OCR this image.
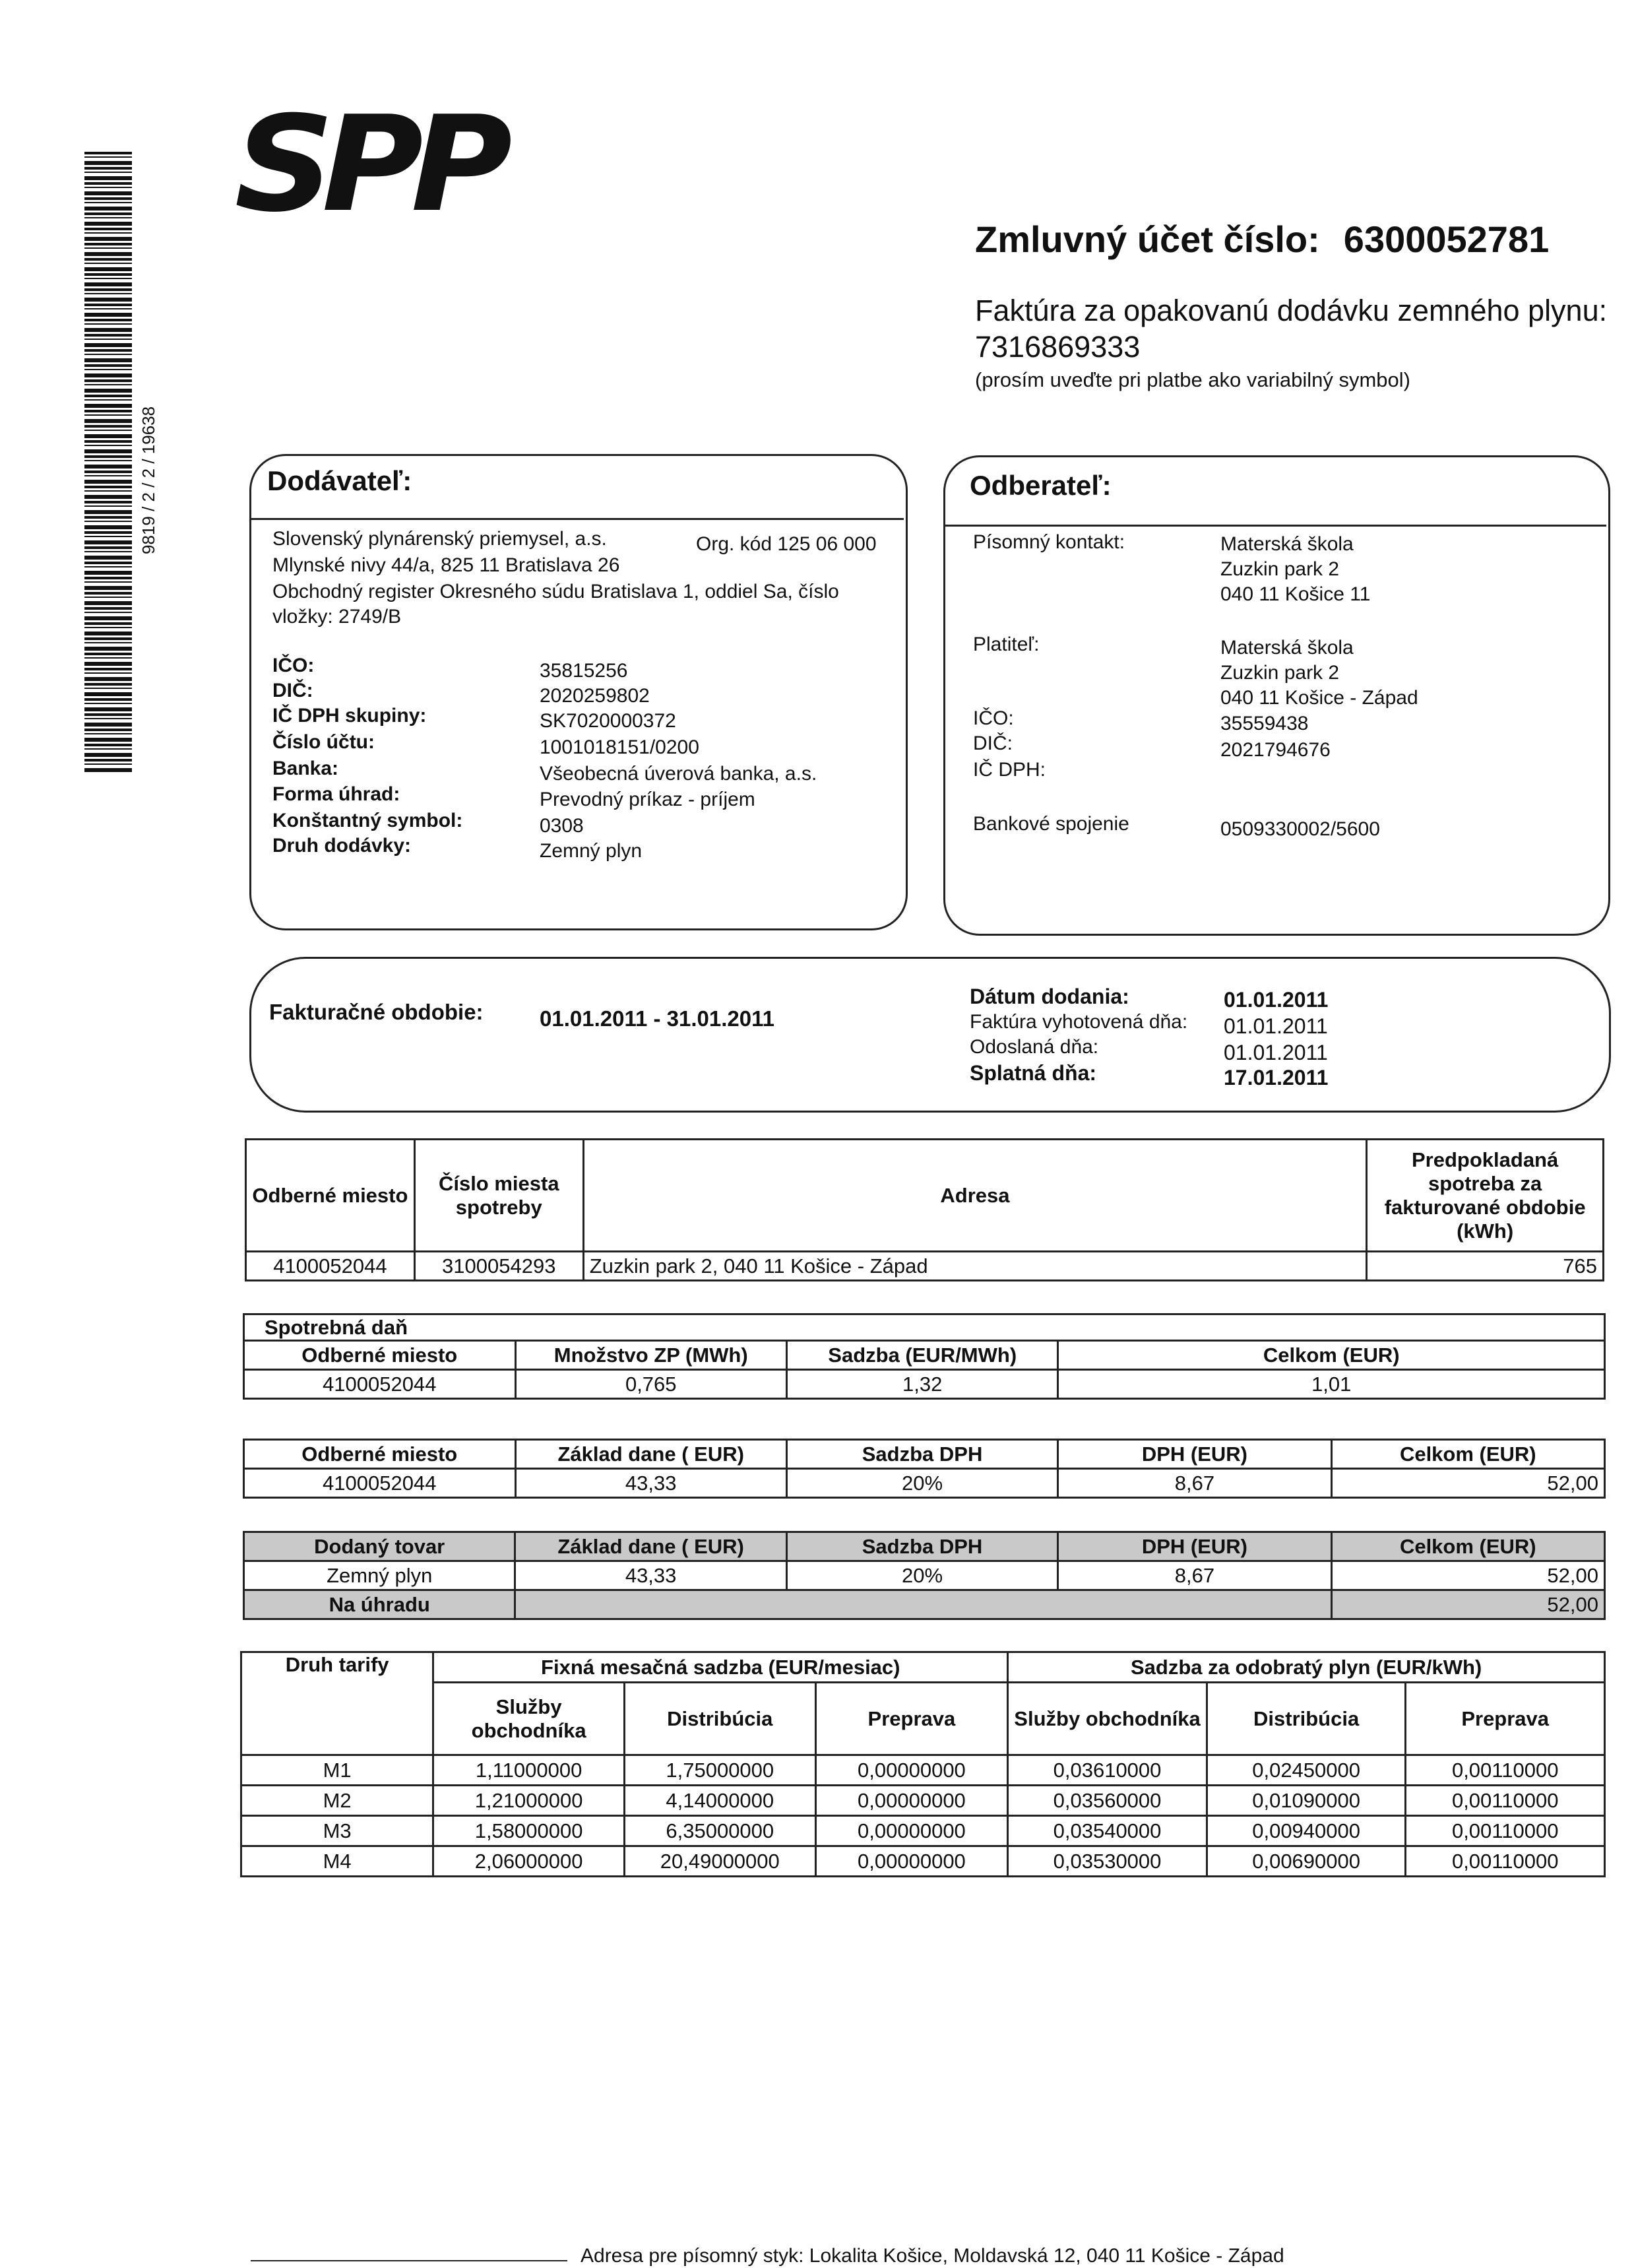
SPP
9819 / 2 / 2 / 19638
Zmluvný účet číslo: 6300052781
Faktúra za opakovanú dodávku zemného plynu:
7316869333
(prosím uveďte pri platbe ako variabilný symbol)
Dodávateľ:
Slovenský plynárenský priemysel, a.s.	Org. kód 125 06 000
Mlynské nivy 44/a, 825 11 Bratislava 26
Obchodný register Okresného súdu Bratislava 1, oddiel Sa, číslo
vložky: 2749/B
IČO:	35815256
DIČ:	2020259802
IČ DPH skupiny:	SK7020000372
Číslo účtu:	1001018151/0200
Banka:	Všeobecná úverová banka, a.s.
Forma úhrad:	Prevodný príkaz - príjem
Konštantný symbol:	0308
Druh dodávky:	Zemný plyn
Odberateľ:
Písomný kontakt:	Materská škola
Zuzkin park 2
040 11 Košice 11
Platiteľ:	Materská škola
Zuzkin park 2
040 11 Košice - Západ
IČO:	35559438
DIČ:	2021794676
IČ DPH:
Bankové spojenie	0509330002/5600
Fakturačné obdobie:	01.01.2011 - 31.01.2011
Dátum dodania:	01.01.2011
Faktúra vyhotovená dňa: 01.01.2011
Odoslaná dňa:	01.01.2011
Splatná dňa:	17.01.2011
Odberné miesto	Číslo miesta spotreby	Adresa	Predpokladaná spotreba za fakturované obdobie (kWh)
4100052044	3100054293	Zuzkin park 2, 040 11 Košice - Západ	765
Spotrebná daň			
Odberné miesto	Množstvo ZP (MWh)	Sadzba (EUR/MWh)	Celkom (EUR)
4100052044	0,765	1,32	1,01
Odberné miesto	Základ dane ( EUR)	Sadzba DPH	DPH (EUR)	Celkom (EUR)
4100052044	43,33	20%	8,67	52,00
Dodaný tovar	Základ dane ( EUR)	Sadzba DPH	DPH (EUR)	Celkom (EUR)
Zemný plyn	43,33	20%	8,67	52,00
Na úhradu				52,00
Druh tarify	Fixná mesačná sadzba (EUR/mesiac)			Sadzba za odobratý plyn (EUR/kWh)		
	Služby obchodníka	Distribúcia	Preprava	Služby obchodníka	Distribúcia	Preprava
M1	1,11000000	1,75000000	0,00000000	0,03610000	0,02450000	0,00110000
M2	1,21000000	4,14000000	0,00000000	0,03560000	0,01090000	0,00110000
M3	1,58000000	6,35000000	0,00000000	0,03540000	0,00940000	0,00110000
M4	2,06000000	20,49000000	0,00000000	0,03530000	0,00690000	0,00110000
Adresa pre písomný styk: Lokalita Košice, Moldavská 12, 040 11 Košice - Západ
